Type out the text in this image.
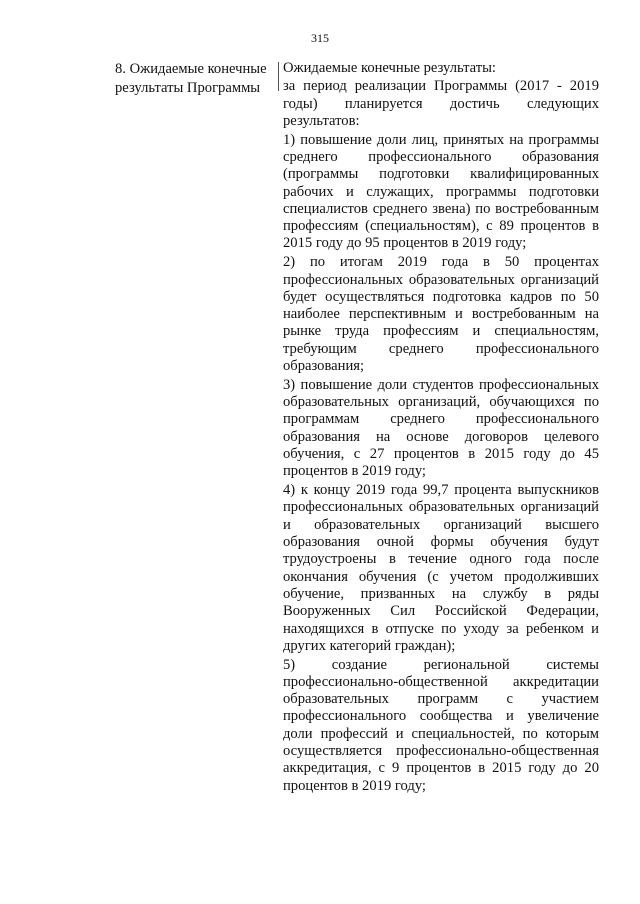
315
8. Ожидаемые конечные
результаты Программы

Ожидаемые конечные результаты:

за период реализации Программы (2017 - 2019 годы) планируется достичь следующих результатов:

1) повышение доли лиц, принятых на программы среднего профессионального образования (программы подготовки квалифицированных рабочих и служащих, программы подготовки специалистов среднего звена) по востребованным профессиям (специальностям), с 89 процентов в 2015 году до 95 процентов в 2019 году;

2) по итогам 2019 года в 50 процентах профессиональных образовательных организаций будет осуществляться подготовка кадров по 50 наиболее перспективным и востребованным на рынке труда профессиям и специальностям, требующим среднего профессионального образования;

3) повышение доли студентов профессиональных образовательных организаций, обучающихся по программам среднего профессионального образования на основе договоров целевого обучения, с 27 процентов в 2015 году до 45 процентов в 2019 году;

4) к концу 2019 года 99,7 процента выпускников профессиональных образовательных организаций и образовательных организаций высшего образования очной формы обучения будут трудоустроены в течение одного года после окончания обучения (с учетом продолживших обучение, призванных на службу в ряды Вооруженных Сил Российской Федерации, находящихся в отпуске по уходу за ребенком и других категорий граждан);

5) создание региональной системы профессионально-общественной аккредитации образовательных программ с участием профессионального сообщества и увеличение доли профессий и специальностей, по которым осуществляется профессионально-общественная аккредитация, с 9 процентов в 2015 году до 20 процентов в 2019 году;
